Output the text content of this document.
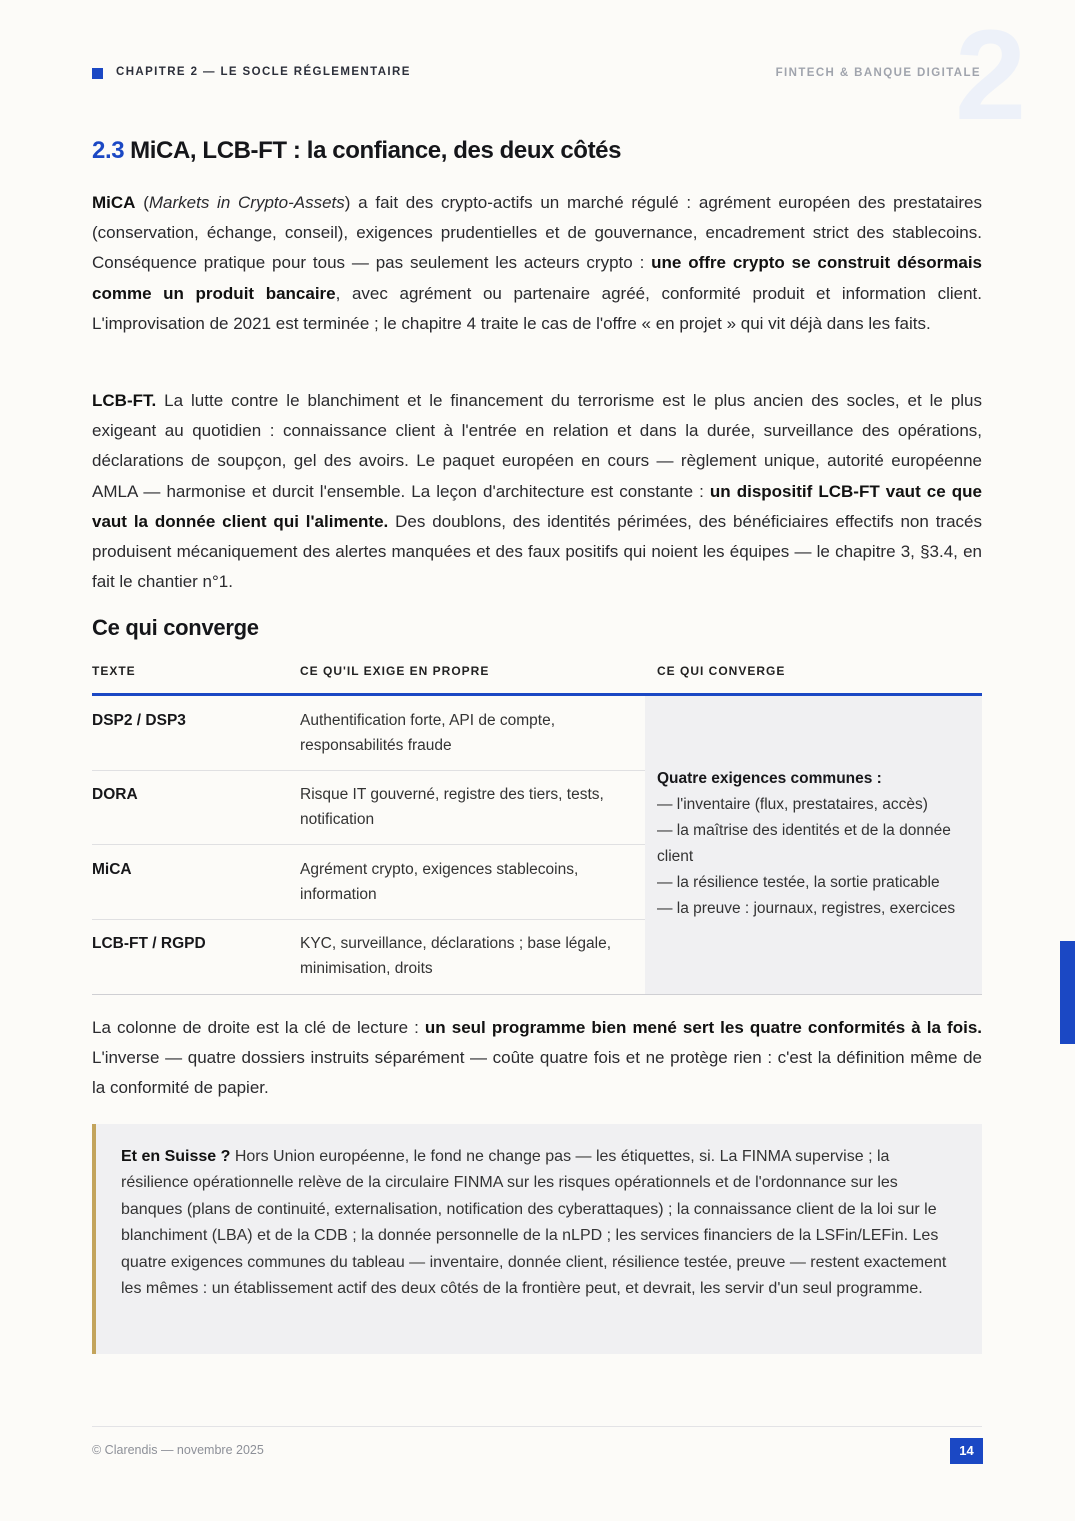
2
CHAPITRE 2 — LE SOCLE RÉGLEMENTAIRE	FINTECH & BANQUE DIGITALE
2.3 MiCA, LCB-FT : la confiance, des deux côtés
MiCA (Markets in Crypto-Assets) a fait des crypto-actifs un marché régulé : agrément européen des prestataires (conservation, échange, conseil), exigences prudentielles et de gouvernance, encadrement strict des stablecoins. Conséquence pratique pour tous — pas seulement les acteurs crypto : une offre crypto se construit désormais comme un produit bancaire, avec agrément ou partenaire agréé, conformité produit et information client. L'improvisation de 2021 est terminée ; le chapitre 4 traite le cas de l'offre « en projet » qui vit déjà dans les faits.
LCB-FT. La lutte contre le blanchiment et le financement du terrorisme est le plus ancien des socles, et le plus exigeant au quotidien : connaissance client à l'entrée en relation et dans la durée, surveillance des opérations, déclarations de soupçon, gel des avoirs. Le paquet européen en cours — règlement unique, autorité européenne AMLA — harmonise et durcit l'ensemble. La leçon d'architecture est constante : un dispositif LCB-FT vaut ce que vaut la donnée client qui l'alimente. Des doublons, des identités périmées, des bénéficiaires effectifs non tracés produisent mécaniquement des alertes manquées et des faux positifs qui noient les équipes — le chapitre 3, §3.4, en fait le chantier n°1.
Ce qui converge
TEXTE	CE QU'IL EXIGE EN PROPRE	CE QUI CONVERGE
Quatre exigences communes :
— l'inventaire (flux, prestataires, accès)
— la maîtrise des identités et de la donnée client
— la résilience testée, la sortie praticable
— la preuve : journaux, registres, exercices
DSP2 / DSP3	Authentification forte, API de compte, responsabilités fraude
DORA	Risque IT gouverné, registre des tiers, tests, notification
MiCA	Agrément crypto, exigences stablecoins, information
LCB-FT / RGPD	KYC, surveillance, déclarations ; base légale, minimisation, droits
La colonne de droite est la clé de lecture : un seul programme bien mené sert les quatre conformités à la fois. L'inverse — quatre dossiers instruits séparément — coûte quatre fois et ne protège rien : c'est la définition même de la conformité de papier.
Et en Suisse ? Hors Union européenne, le fond ne change pas — les étiquettes, si. La FINMA supervise ; la résilience opérationnelle relève de la circulaire FINMA sur les risques opérationnels et de l'ordonnance sur les banques (plans de continuité, externalisation, notification des cyberattaques) ; la connaissance client de la loi sur le blanchiment (LBA) et de la CDB ; la donnée personnelle de la nLPD ; les services financiers de la LSFin/LEFin. Les quatre exigences communes du tableau — inventaire, donnée client, résilience testée, preuve — restent exactement les mêmes : un établissement actif des deux côtés de la frontière peut, et devrait, les servir d'un seul programme.
© Clarendis — novembre 2025	14
